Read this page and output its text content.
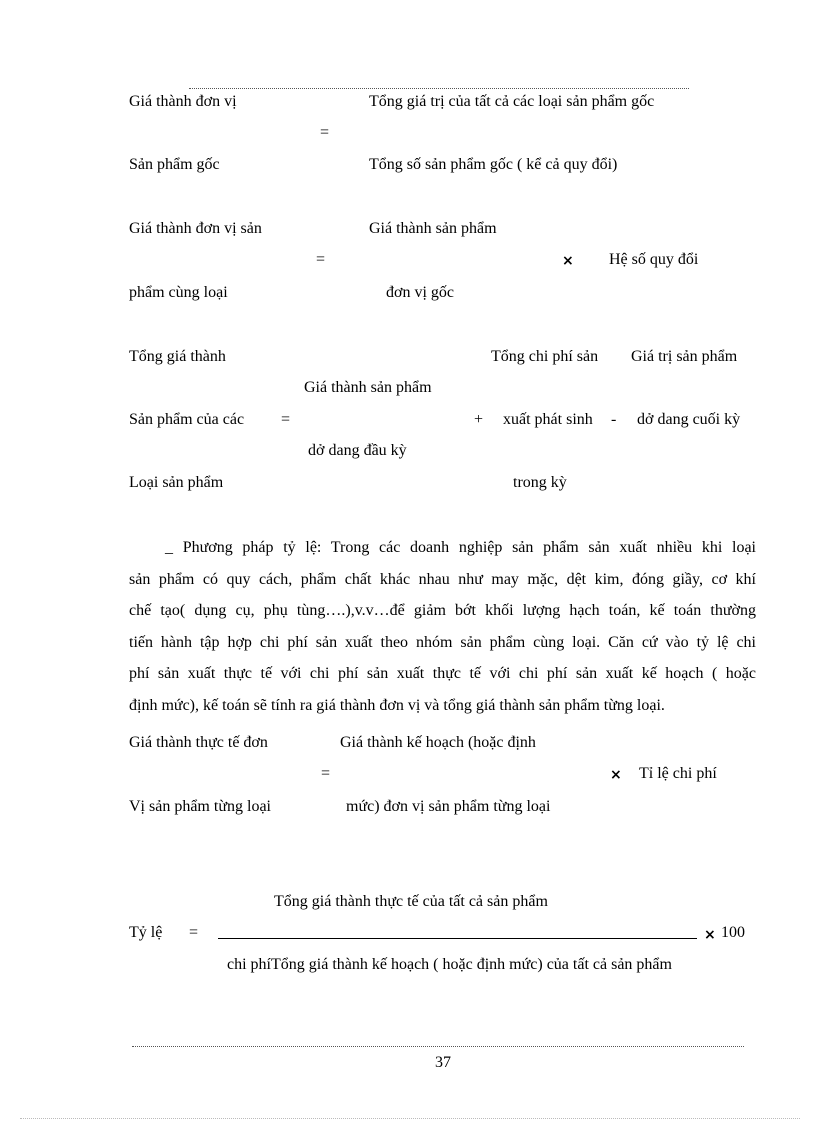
Giá thành đơn vị	Tổng giá trị của tất cả các loại sản phẩm gốc
=
Sản phẩm gốc	Tổng số sản phẩm gốc ( kể cả quy đổi)
Giá thành đơn vị sản	Giá thành sản phẩm
=	× Hệ số quy đổi
phẩm cùng loại	đơn vị gốc
Tổng giá thành	Tổng chi phí sản Giá trị sản phẩm
Giá thành sản phẩm
Sản phẩm của các =	+ xuất phát sinh - dở dang cuối kỳ
dở dang đầu kỳ
Loại sản phẩm	trong kỳ

_ Phương pháp tỷ lệ: Trong các doanh nghiệp sản phẩm sản xuất nhiều khi loại

sản phẩm có quy cách, phẩm chất khác nhau như may mặc, dệt kim, đóng giầy, cơ khí
chế tạo( dụng cụ, phụ tùng….),v.v…để giảm bớt khối lượng hạch toán, kế toán thường
tiến hành tập hợp chi phí sản xuất theo nhóm sản phẩm cùng loại. Căn cứ vào tỷ lệ chi
phí sản xuất thực tế với chi phí sản xuất thực tế với chi phí sản xuất kế hoạch ( hoặc
định mức), kế toán sẽ tính ra giá thành đơn vị và tổng giá thành sản phẩm từng loại.
Giá thành thực tế đơn	Giá thành kế hoạch (hoặc định
=	× Tỉ lệ chi phí
Vị sản phẩm từng loại	mức) đơn vị sản phẩm từng loại
Tổng giá thành thực tế của tất cả sản phẩm
Tỷ lệ =	× 100
chi phíTổng giá thành kế hoạch ( hoặc định mức) của tất cả sản phẩm
37
